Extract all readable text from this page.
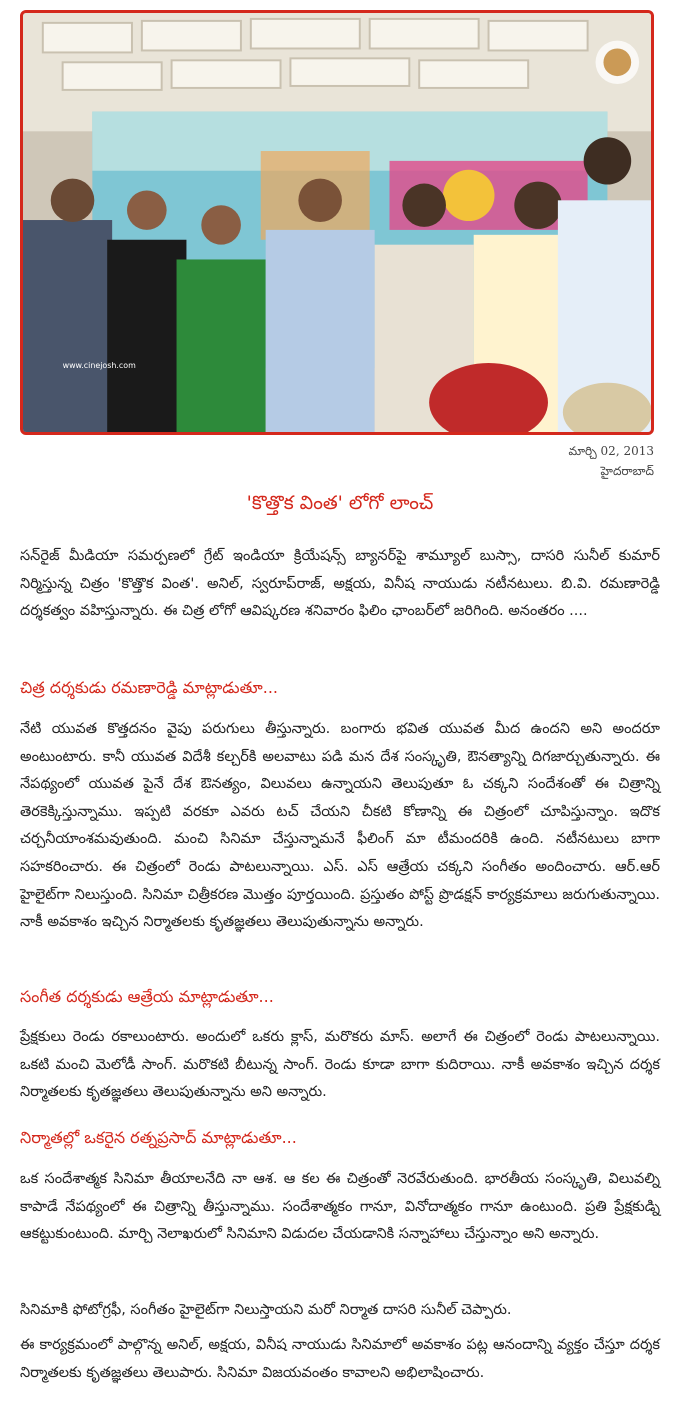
www.cinejosh.com
మార్చి 02, 2013
హైదరాబాద్
'కొత్తొక వింత' లోగో లాంచ్
సన్‌రైజ్ మీడియా సమర్పణలో గ్రేట్ ఇండియా క్రియేషన్స్ బ్యానర్‌పై శామ్యూల్ బుస్సా, దాసరి సునీల్ కుమార్ నిర్మిస్తున్న చిత్రం 'కొత్తొక వింత'. అనిల్, స్వరూప్‌రాజ్, అక్షయ, వినీష నాయుడు నటీనటులు. బి.వి. రమణారెడ్డి దర్శకత్వం వహిస్తున్నారు. ఈ చిత్ర లోగో ఆవిష్కరణ శనివారం ఫిలిం ఛాంబర్‌లో జరిగింది. అనంతరం ....
చిత్ర దర్శకుడు రమణారెడ్డి మాట్లాడుతూ...
నేటి యువత కొత్తదనం వైపు పరుగులు తీస్తున్నారు. బంగారు భవిత యువత మీద ఉందని అని అందరూ అంటుంటారు. కానీ యువత విదేశీ కల్చర్‌కి అలవాటు పడి మన దేశ సంస్కృతి, ఔనత్యాన్ని దిగజార్చుతున్నారు. ఈ నేపథ్యంలో యువత పైనే దేశ ఔనత్యం, విలువలు ఉన్నాయని తెలుపుతూ ఓ చక్కని సందేశంతో ఈ చిత్రాన్ని తెరకెక్కిస్తున్నాము. ఇప్పటి వరకూ ఎవరు టచ్ చేయని చీకటి కోణాన్ని ఈ చిత్రంలో చూపిస్తున్నాం. ఇదొక చర్చనీయాంశమవుతుంది. మంచి సినిమా చేస్తున్నామనే ఫీలింగ్ మా టీమందరికి ఉంది. నటీనటులు బాగా సహకరించారు. ఈ చిత్రంలో రెండు పాటలున్నాయి. ఎస్. ఎస్ ఆత్రేయ చక్కని సంగీతం అందించారు. ఆర్.ఆర్ హైలైట్‌గా నిలుస్తుంది. సినిమా చిత్రీకరణ మొత్తం పూర్తయింది. ప్రస్తుతం పోస్ట్ ప్రొడక్షన్ కార్యక్రమాలు జరుగుతున్నాయి. నాకీ అవకాశం ఇచ్చిన నిర్మాతలకు కృతజ్ఞతలు తెలుపుతున్నాను అన్నారు.
సంగీత దర్శకుడు ఆత్రేయ మాట్లాడుతూ...
ప్రేక్షకులు రెండు రకాలుంటారు. అందులో ఒకరు క్లాస్, మరొకరు మాస్. అలాగే ఈ చిత్రంలో రెండు పాటలున్నాయి. ఒకటి మంచి మెలోడీ సాంగ్. మరొకటి బీటున్న సాంగ్. రెండు కూడా బాగా కుదిరాయి. నాకీ అవకాశం ఇచ్చిన దర్శక నిర్మాతలకు కృతజ్ఞతలు తెలుపుతున్నాను అని అన్నారు.
నిర్మాతల్లో ఒకరైన రత్నప్రసాద్ మాట్లాడుతూ...
ఒక సందేశాత్మక సినిమా తీయాలనేది నా ఆశ. ఆ కల ఈ చిత్రంతో నెరవేరుతుంది. భారతీయ సంస్కృతి, విలువల్ని కాపాడే నేపథ్యంలో ఈ చిత్రాన్ని తీస్తున్నాము. సందేశాత్మకం గానూ, వినోదాత్మకం గానూ ఉంటుంది. ప్రతి ప్రేక్షకుడ్ని ఆకట్టుకుంటుంది. మార్చి నెలాఖరులో సినిమాని విడుదల చేయడానికి సన్నాహాలు చేస్తున్నాం అని అన్నారు.
సినిమాకి ఫోటోగ్రఫీ, సంగీతం హైలైట్‌గా నిలుస్తాయని మరో నిర్మాత దాసరి సునీల్ చెప్పారు.
ఈ కార్యక్రమంలో పాల్గొన్న అనిల్, అక్షయ, వినీష నాయుడు సినిమాలో అవకాశం పట్ల ఆనందాన్ని వ్యక్తం చేస్తూ దర్శక నిర్మాతలకు కృతజ్ఞతలు తెలుపారు. సినిమా విజయవంతం కావాలని అభిలాషించారు.
